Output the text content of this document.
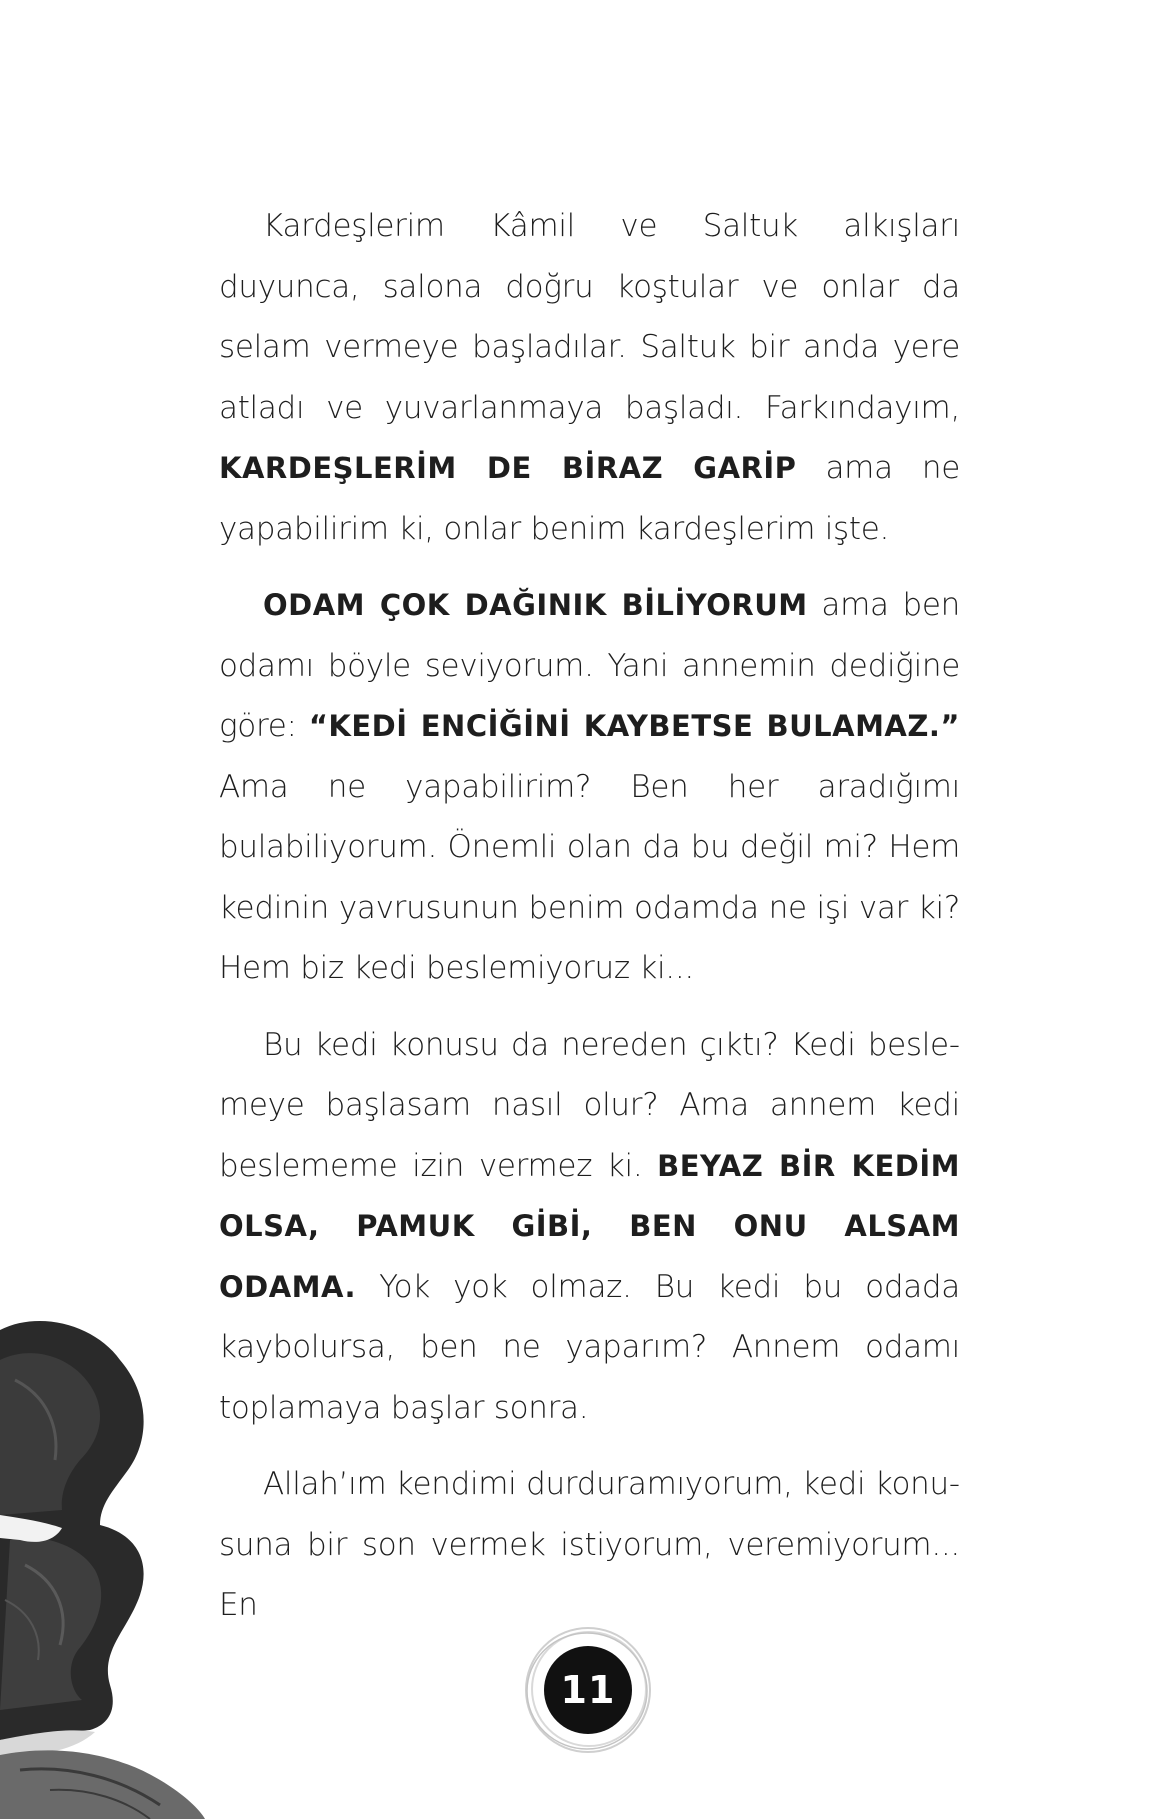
Kardeşlerim Kâmil ve Saltuk alkışları duyunca, salona doğru koştular ve onlar da selam vermeye başladılar. Saltuk bir anda yere atladı ve yuvarlanmaya başladı. Farkındayım, KARDEŞLERİM DE BİRAZ GARİP ama ne yapabilirim ki, onlar benim kardeşlerim işte.

ODAM ÇOK DAĞINIK BİLİYORUM ama ben odamı böyle seviyorum. Yani annemin dediğine göre: “KEDİ ENCİĞİNİ KAYBETSE BULAMAZ.” Ama ne yapabilirim? Ben her aradığımı bulabiliyorum. Önemli olan da bu değil mi? Hem kedinin yavrusunun benim odamda ne işi var ki? Hem biz kedi beslemiyoruz ki...

Bu kedi konusu da nereden çıktı? Kedi beslemeye başlasam nasıl olur? Ama annem kedi beslememe izin vermez ki. BEYAZ BİR KEDİM OLSA, PAMUK GİBİ, BEN ONU ALSAM ODAMA. Yok yok olmaz. Bu kedi bu odada kaybolursa, ben ne yaparım? Annem odamı toplamaya başlar sonra.

Allah’ım kendimi durduramıyorum, kedi konusuna bir son vermek istiyorum, veremiyorum... En

11
